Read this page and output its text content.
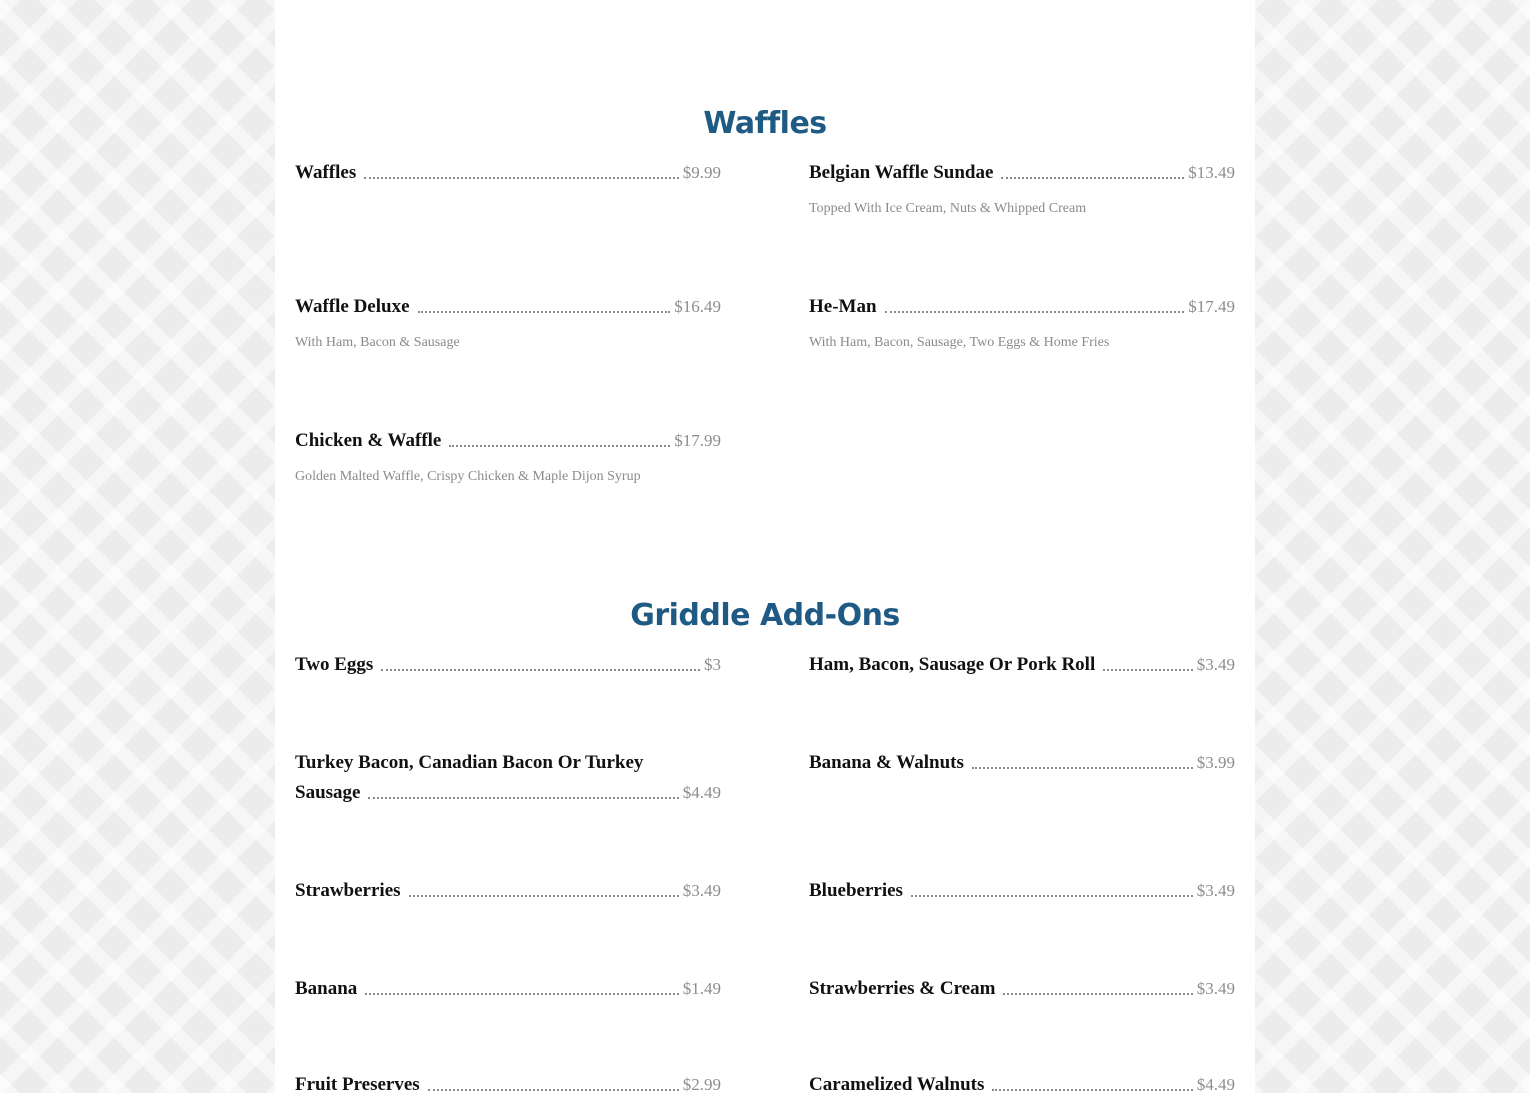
Waffles
Waffles	$9.99	Belgian Waffle Sundae	$13.49
Topped With Ice Cream, Nuts & Whipped Cream
Waffle Deluxe	$16.49
With Ham, Bacon & Sausage
He-Man	$17.49
With Ham, Bacon, Sausage, Two Eggs & Home Fries
Chicken & Waffle	$17.99
Golden Malted Waffle, Crispy Chicken & Maple Dijon Syrup
Griddle Add-Ons
Two Eggs	$3	Ham, Bacon, Sausage Or Pork Roll	$3.49
Turkey Bacon, Canadian Bacon Or Turkey
Sausage	$4.49
Banana & Walnuts	$3.99
Strawberries	$3.49	Blueberries	$3.49
Banana	$1.49	Strawberries & Cream	$3.49
Fruit Preserves	$2.99	Caramelized Walnuts	$4.49
